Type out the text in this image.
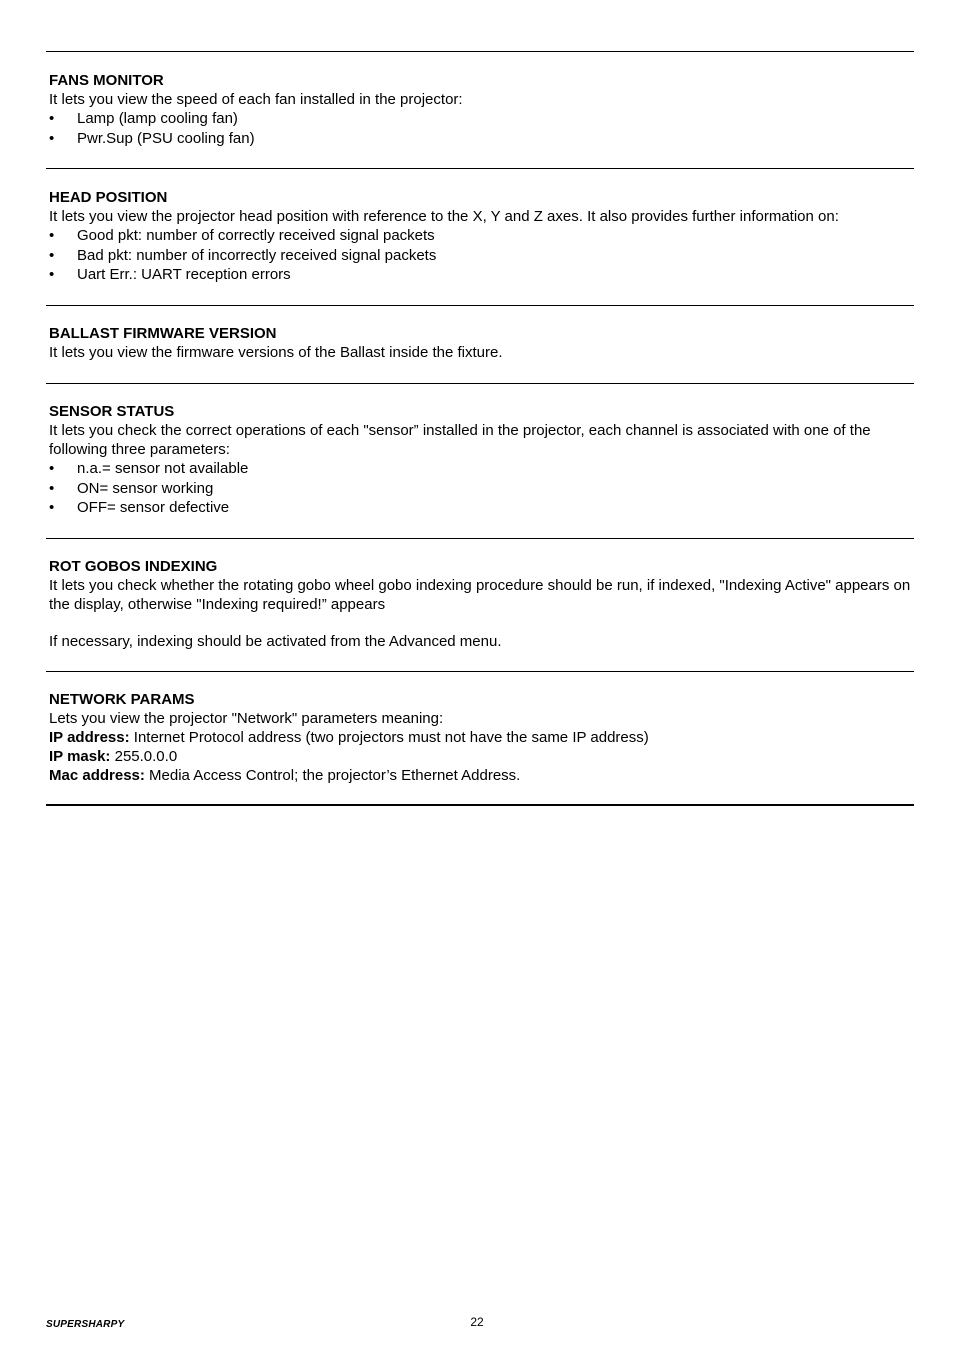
FANS MONITOR

It lets you view the speed of each fan installed in the projector:

• Lamp (lamp cooling fan)
• Pwr.Sup (PSU cooling fan)
HEAD POSITION

It lets you view the projector head position with reference to the X, Y and Z axes. It also provides further information on:

• Good pkt: number of correctly received signal packets
• Bad pkt: number of incorrectly received signal packets
• Uart Err.: UART reception errors
BALLAST FIRMWARE VERSION

It lets you view the firmware versions of the Ballast inside the fixture.

SENSOR STATUS

It lets you check the correct operations of each "sensor” installed in the projector, each channel is associated with one of the following three parameters:

• n.a.= sensor not available
• ON= sensor working
• OFF= sensor defective
ROT GOBOS INDEXING

It lets you check whether the rotating gobo wheel gobo indexing procedure should be run, if indexed, "Indexing Active" appears on the display, otherwise "Indexing required!” appears

If necessary, indexing should be activated from the Advanced menu.

NETWORK PARAMS

Lets you view the projector "Network" parameters meaning:

IP address: Internet Protocol address (two projectors must not have the same IP address)

IP mask: 255.0.0.0

Mac address: Media Access Control; the projector’s Ethernet Address.

SUPERSHARPY	22
